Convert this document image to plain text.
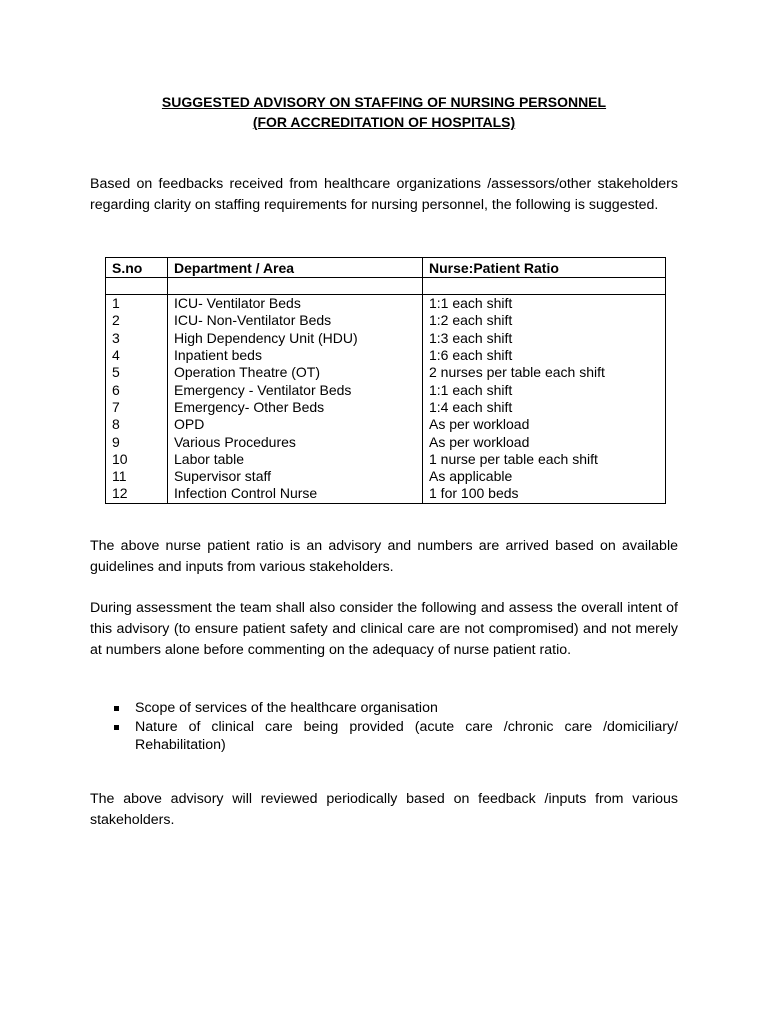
SUGGESTED ADVISORY ON STAFFING OF NURSING PERSONNEL
(FOR ACCREDITATION OF HOSPITALS)

Based on feedbacks received from healthcare organizations /assessors/other stakeholders regarding clarity on staffing requirements for nursing personnel, the following is suggested.

S.no	Department / Area	Nurse:Patient Ratio

1	ICU- Ventilator Beds	1:1 each shift
2	ICU- Non-Ventilator Beds	1:2 each shift
3	High Dependency Unit (HDU)	1:3 each shift
4	Inpatient beds	1:6 each shift
5	Operation Theatre (OT)	2 nurses per table each shift
6	Emergency - Ventilator Beds	1:1 each shift
7	Emergency- Other Beds	1:4 each shift
8	OPD	As per workload
9	Various Procedures	As per workload
10	Labor table	1 nurse per table each shift
11	Supervisor staff	As applicable
12	Infection Control Nurse	1 for 100 beds

The above nurse patient ratio is an advisory and numbers are arrived based on available guidelines and inputs from various stakeholders.

During assessment the team shall also consider the following and assess the overall intent of this advisory (to ensure patient safety and clinical care are not compromised) and not merely at numbers alone before commenting on the adequacy of nurse patient ratio.

Scope of services of the healthcare organisation
Nature of clinical care being provided (acute care /chronic care /domiciliary/ Rehabilitation)

The above advisory will reviewed periodically based on feedback /inputs from various stakeholders.
